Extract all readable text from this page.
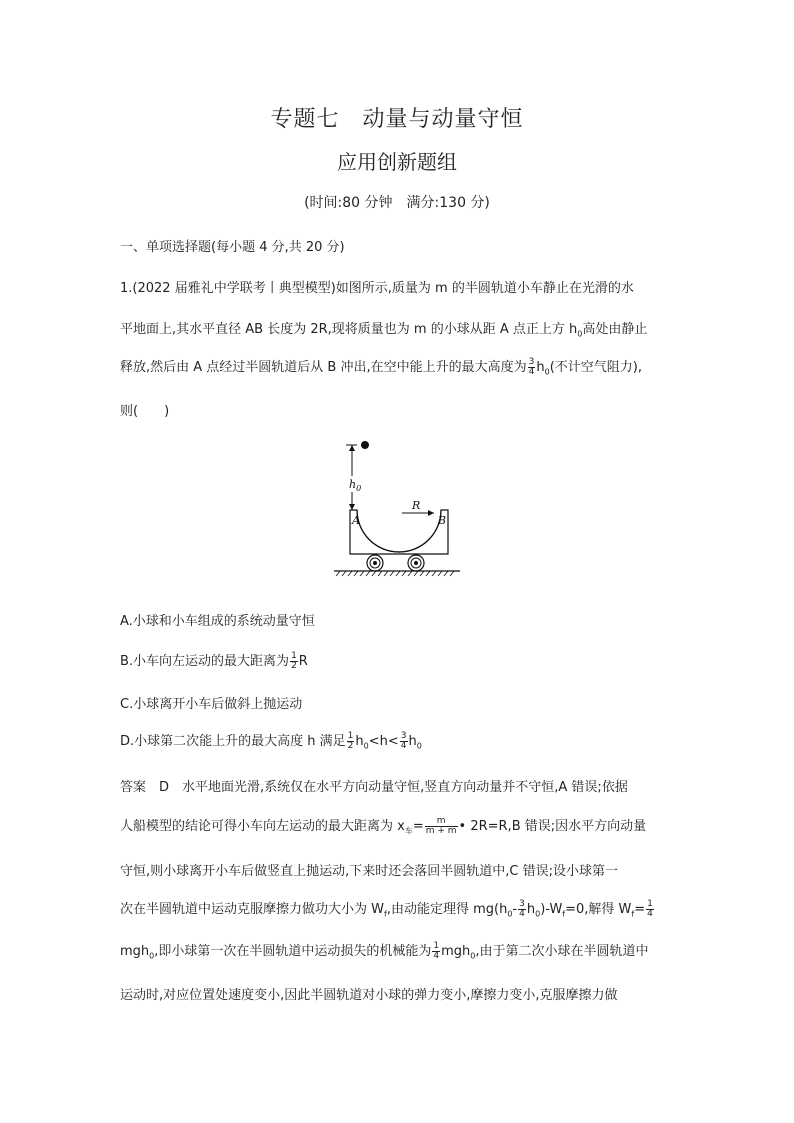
专题七　动量与动量守恒
应用创新题组
(时间:80 分钟　满分:130 分)
一、单项选择题(每小题 4 分,共 20 分)
1.(2022 届雅礼中学联考丨典型模型)如图所示,质量为 m 的半圆轨道小车静止在光滑的水
平地面上,其水平直径 AB 长度为 2R,现将质量也为 m 的小球从距 A 点正上方 $h_0$高处由静止
释放,然后由 A 点经过半圆轨道后从 B 冲出,在空中能上升的最大高度为 $\frac{3}{4} h_0$(不计空气阻力),
则(　　)
$h_0$
A	B
R
A.小球和小车组成的系统动量守恒
B.小车向左运动的最大距离为 $\frac{1}{2}$ R
C.小球离开小车后做斜上抛运动
D.小球第二次能上升的最大高度 h 满足 $\frac{1}{2} h_0<h< \frac{3}{4} h_0$
答案　D　水平地面光滑,系统仅在水平方向动量守恒,竖直方向动量并不守恒,A 错误;依据
人船模型的结论可得小车向左运动的最大距离为 $x_车= \frac{m}{m + m}$ • 2R=R,B 错误;因水平方向动量
守恒,则小球离开小车后做竖直上抛运动,下来时还会落回半圆轨道中,C 错误;设小球第一
次在半圆轨道中运动克服摩擦力做功大小为 $W_f$,由动能定理得 $mg(h_0- \frac{3}{4} h_0)-W_f=0$,解得 $W_f= \frac{1}{4}$
mgh$_0$,即小球第一次在半圆轨道中运动损失的机械能为 $\frac{1}{4} mgh_0$,由于第二次小球在半圆轨道中
运动时,对应位置处速度变小,因此半圆轨道对小球的弹力变小,摩擦力变小,克服摩擦力做
